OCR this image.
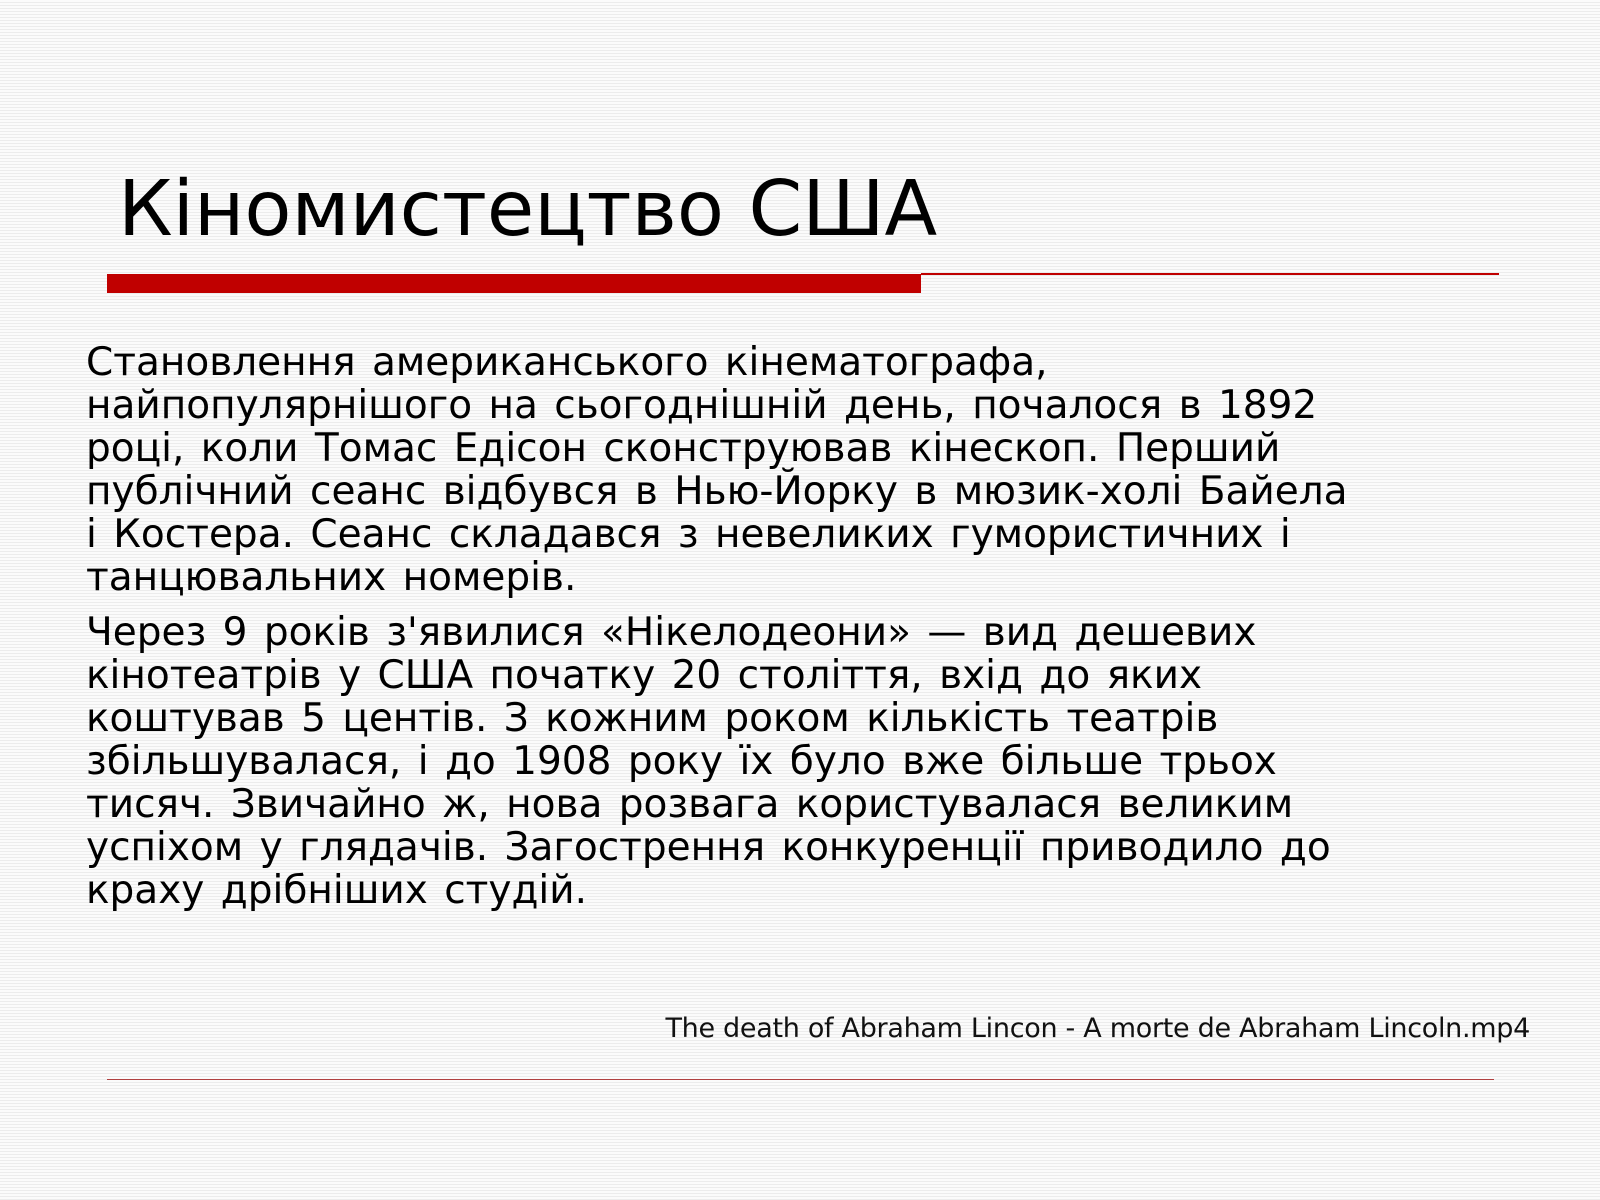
Кіномистецтво США

Становлення американського кінематографа,

найпопулярнішого на сьогоднішній день, почалося в 1892

році, коли Томас Едісон сконструював кінескоп. Перший

публічний сеанс відбувся в Нью-Йорку в мюзик-холі Байела

і Костера. Сеанс складався з невеликих гумористичних і

танцювальних номерів.

Через 9 років з'явилися «Нікелодеони» — вид дешевих

кінотеатрів у США початку 20 століття, вхід до яких

коштував 5 центів. З кожним роком кількість театрів

збільшувалася, і до 1908 року їх було вже більше трьох

тисяч. Звичайно ж, нова розвага користувалася великим

успіхом у глядачів. Загострення конкуренції приводило до

краху дрібніших студій.

The death of Abraham Lincon - A morte de Abraham Lincoln.mp4
